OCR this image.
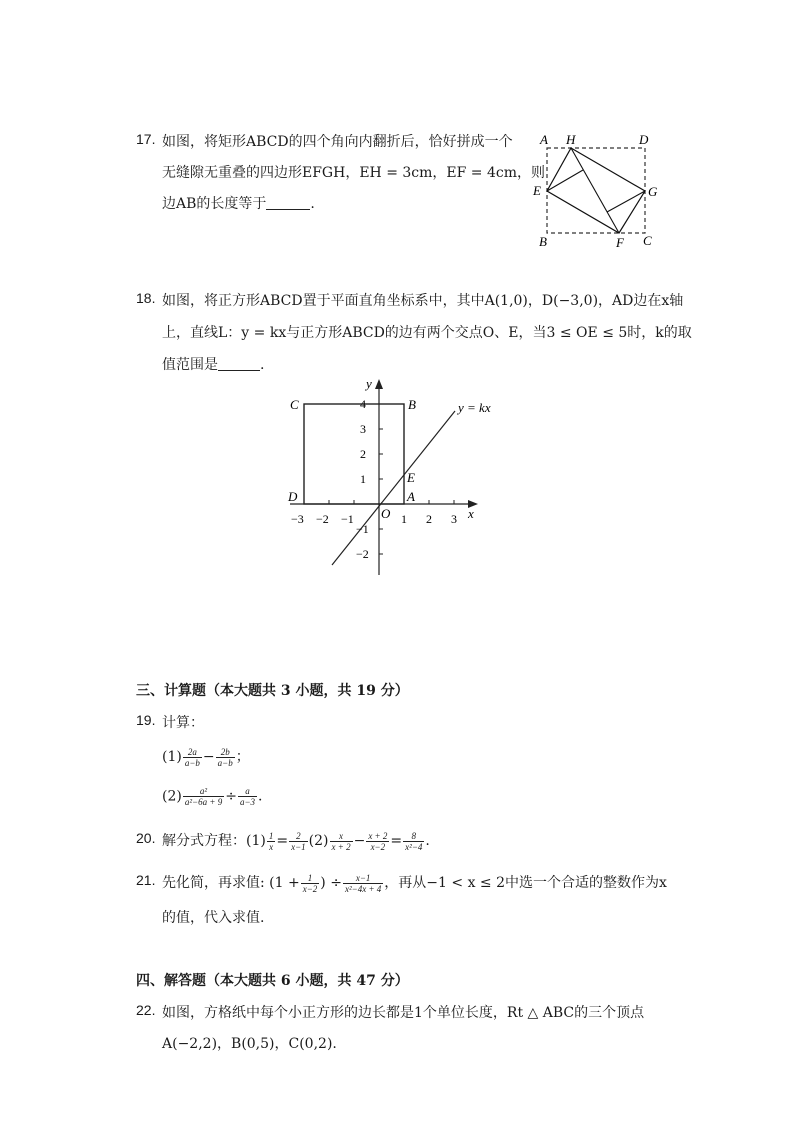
17. 如图，将矩形ABCD的四个角向内翻折后，恰好拼成一个
无缝隙无重叠的四边形EFGH，EH = 3cm，EF = 4cm，则
边AB的长度等于	.
A H	D
E	G
B	F C
18. 如图，将正方形ABCD置于平面直角坐标系中，其中A(1,0)，D(−3,0)，AD边在x轴
上，直线L：y = kx与正方形ABCD的边有两个交点O、E，当3 ≤ OE ≤ 5时，k的取
值范围是	.
−3 −2 −1	1 2 3
4
3
2
1
−1
−2
x
y
O
C	B
D	A
E
y = kx
三、计算题（本大题共 3 小题，共 19 分）
19. 计算：
$(1) \frac{2a}{a-b} - \frac{2b}{a-b}$ ；
$(2) \frac{\text{a²}}{\text{a²−6a + 9}} \div \frac{a}{a-3}$ .
20. 解分式方程：$(1) \frac{1}{x} = \frac{2}{x-1} (2) \frac{x}{x + 2} - \frac{x + 2}{x-2} = \frac{8}{\text{x²−4}}$ .
21. 先化简，再求值: ($1 + \frac{1}{x-2}$ ) ÷ $\frac{x-1}{\text{x²−4x + 4}}$ ，再从−1 < x ≤ 2中选一个合适的整数作为x
的值，代入求值.
四、解答题（本大题共 6 小题，共 47 分）
22. 如图，方格纸中每个小正方形的边长都是1个单位长度，Rt △ ABC的三个顶点
A(−2,2)，B(0,5)，C(0,2).
